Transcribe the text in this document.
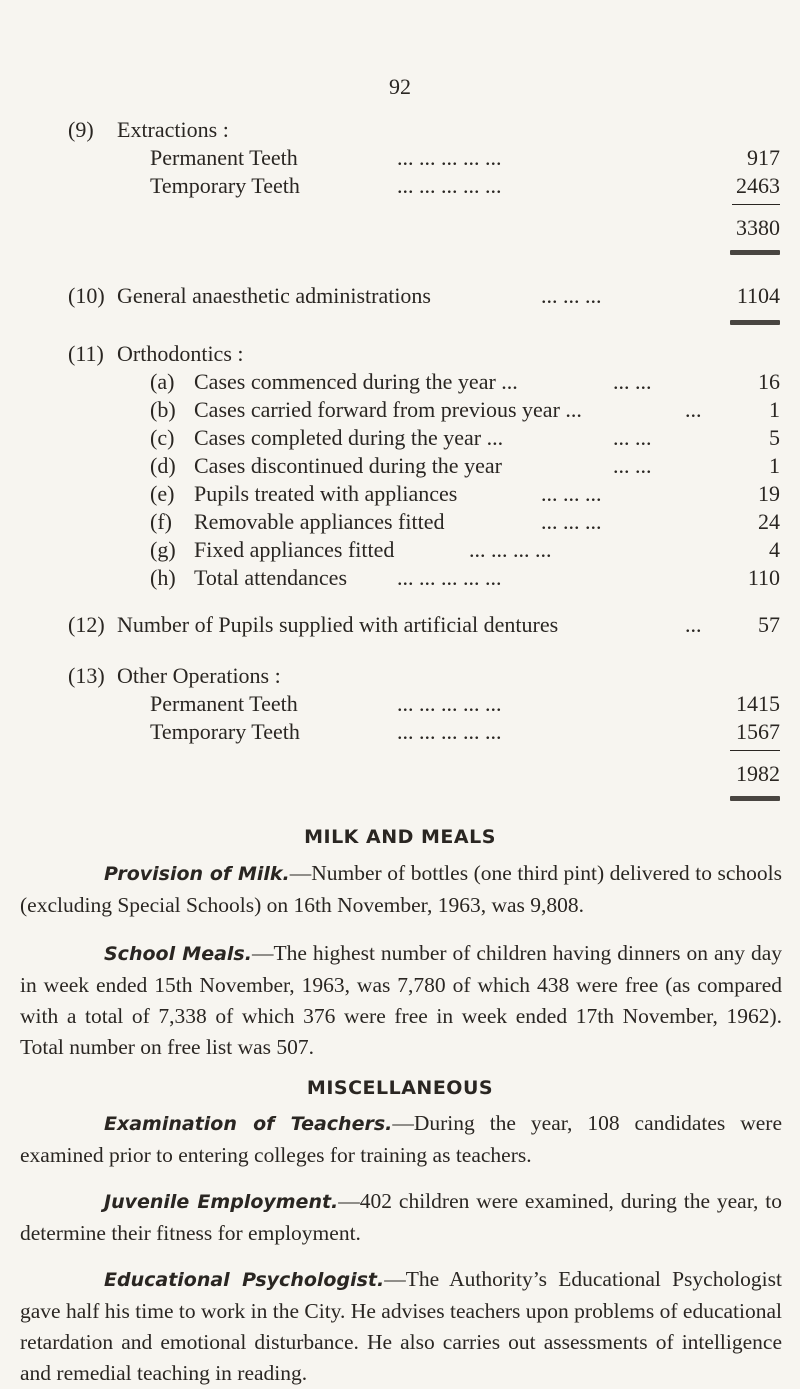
92
(9) Extractions :
Permanent Teeth	... ... ... ... ...	917
Temporary Teeth	... ... ... ... ...	2463
3380
(10) General anaesthetic administrations	... ... ...	1104
(11) Orthodontics :
(a) Cases commenced during the year ...	... ...	16
(b) Cases carried forward from previous year ...	...	1
(c) Cases completed during the year ...	... ...	5
(d) Cases discontinued during the year	... ...	1
(e) Pupils treated with appliances	... ... ...	19
(f) Removable appliances fitted	... ... ...	24
(g) Fixed appliances fitted	... ... ... ...	4
(h) Total attendances ... ... ... ... ...	110
(12) Number of Pupils supplied with artificial dentures	...	57
(13) Other Operations :
Permanent Teeth	... ... ... ... ...	1415
Temporary Teeth	... ... ... ... ...	1567
1982
MILK AND MEALS
Provision of Milk.—Number of bottles (one third pint) delivered to schools (excluding Special Schools) on 16th November, 1963, was 9,808.
School Meals.—The highest number of children having dinners on any day in week ended 15th November, 1963, was 7,780 of which 438 were free (as compared with a total of 7,338 of which 376 were free in week ended 17th November, 1962). Total number on free list was 507.
MISCELLANEOUS
Examination of Teachers.—During the year, 108 candidates were examined prior to entering colleges for training as teachers.
Juvenile Employment.—402 children were examined, during the year, to determine their fitness for employment.
Educational Psychologist.—The Authority’s Educational Psychologist gave half his time to work in the City. He advises teachers upon problems of educational retardation and emotional disturbance. He also carries out assessments of intelligence and remedial teaching in reading.
